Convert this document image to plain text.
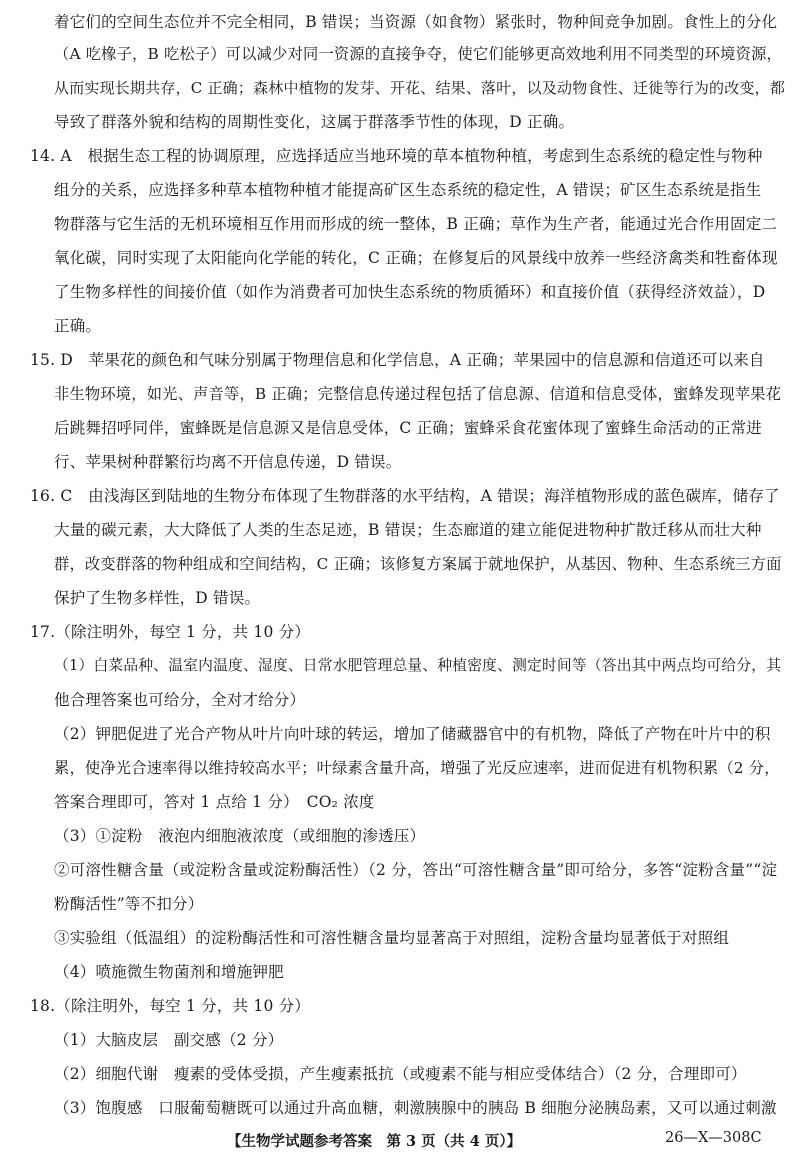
着它们的空间生态位并不完全相同，B 错误；当资源（如食物）紧张时，物种间竞争加剧。食性上的分化
（A 吃橡子，B 吃松子）可以减少对同一资源的直接争夺，使它们能够更高效地利用不同类型的环境资源，
从而实现长期共存，C 正确；森林中植物的发芽、开花、结果、落叶，以及动物食性、迁徙等行为的改变，都
导致了群落外貌和结构的周期性变化，这属于群落季节性的体现，D 正确。
14. A　根据生态工程的协调原理，应选择适应当地环境的草本植物种植，考虑到生态系统的稳定性与物种
组分的关系，应选择多种草本植物种植才能提高矿区生态系统的稳定性，A 错误；矿区生态系统是指生
物群落与它生活的无机环境相互作用而形成的统一整体，B 正确；草作为生产者，能通过光合作用固定二
氧化碳，同时实现了太阳能向化学能的转化，C 正确；在修复后的风景线中放养一些经济禽类和牲畜体现
了生物多样性的间接价值（如作为消费者可加快生态系统的物质循环）和直接价值（获得经济效益），D
正确。
15. D　苹果花的颜色和气味分别属于物理信息和化学信息，A 正确；苹果园中的信息源和信道还可以来自
非生物环境，如光、声音等，B 正确；完整信息传递过程包括了信息源、信道和信息受体，蜜蜂发现苹果花
后跳舞招呼同伴，蜜蜂既是信息源又是信息受体，C 正确；蜜蜂采食花蜜体现了蜜蜂生命活动的正常进
行、苹果树种群繁衍均离不开信息传递，D 错误。
16. C　由浅海区到陆地的生物分布体现了生物群落的水平结构，A 错误；海洋植物形成的蓝色碳库，储存了
大量的碳元素，大大降低了人类的生态足迹，B 错误；生态廊道的建立能促进物种扩散迁移从而壮大种
群，改变群落的物种组成和空间结构，C 正确；该修复方案属于就地保护，从基因、物种、生态系统三方面
保护了生物多样性，D 错误。
17.（除注明外，每空 1 分，共 10 分）
（1）白菜品种、温室内温度、湿度、日常水肥管理总量、种植密度、测定时间等（答出其中两点均可给分，其
他合理答案也可给分，全对才给分）
（2）钾肥促进了光合产物从叶片向叶球的转运，增加了储藏器官中的有机物，降低了产物在叶片中的积
累，使净光合速率得以维持较高水平；叶绿素含量升高，增强了光反应速率，进而促进有机物积累（2 分，
答案合理即可，答对 1 点给 1 分）　CO₂ 浓度
（3）①淀粉　液泡内细胞液浓度（或细胞的渗透压）
②可溶性糖含量（或淀粉含量或淀粉酶活性）（2 分，答出“可溶性糖含量”即可给分，多答“淀粉含量”“淀
粉酶活性”等不扣分）
③实验组（低温组）的淀粉酶活性和可溶性糖含量均显著高于对照组，淀粉含量均显著低于对照组
（4）喷施微生物菌剂和增施钾肥
18.（除注明外，每空 1 分，共 10 分）
（1）大脑皮层　副交感（2 分）
（2）细胞代谢　瘦素的受体受损，产生瘦素抵抗（或瘦素不能与相应受体结合）（2 分，合理即可）
（3）饱腹感　口服葡萄糖既可以通过升高血糖，刺激胰腺中的胰岛 B 细胞分泌胰岛素，又可以通过刺激
【生物学试题参考答案　第 3 页（共 4 页）】	26—X—308C
